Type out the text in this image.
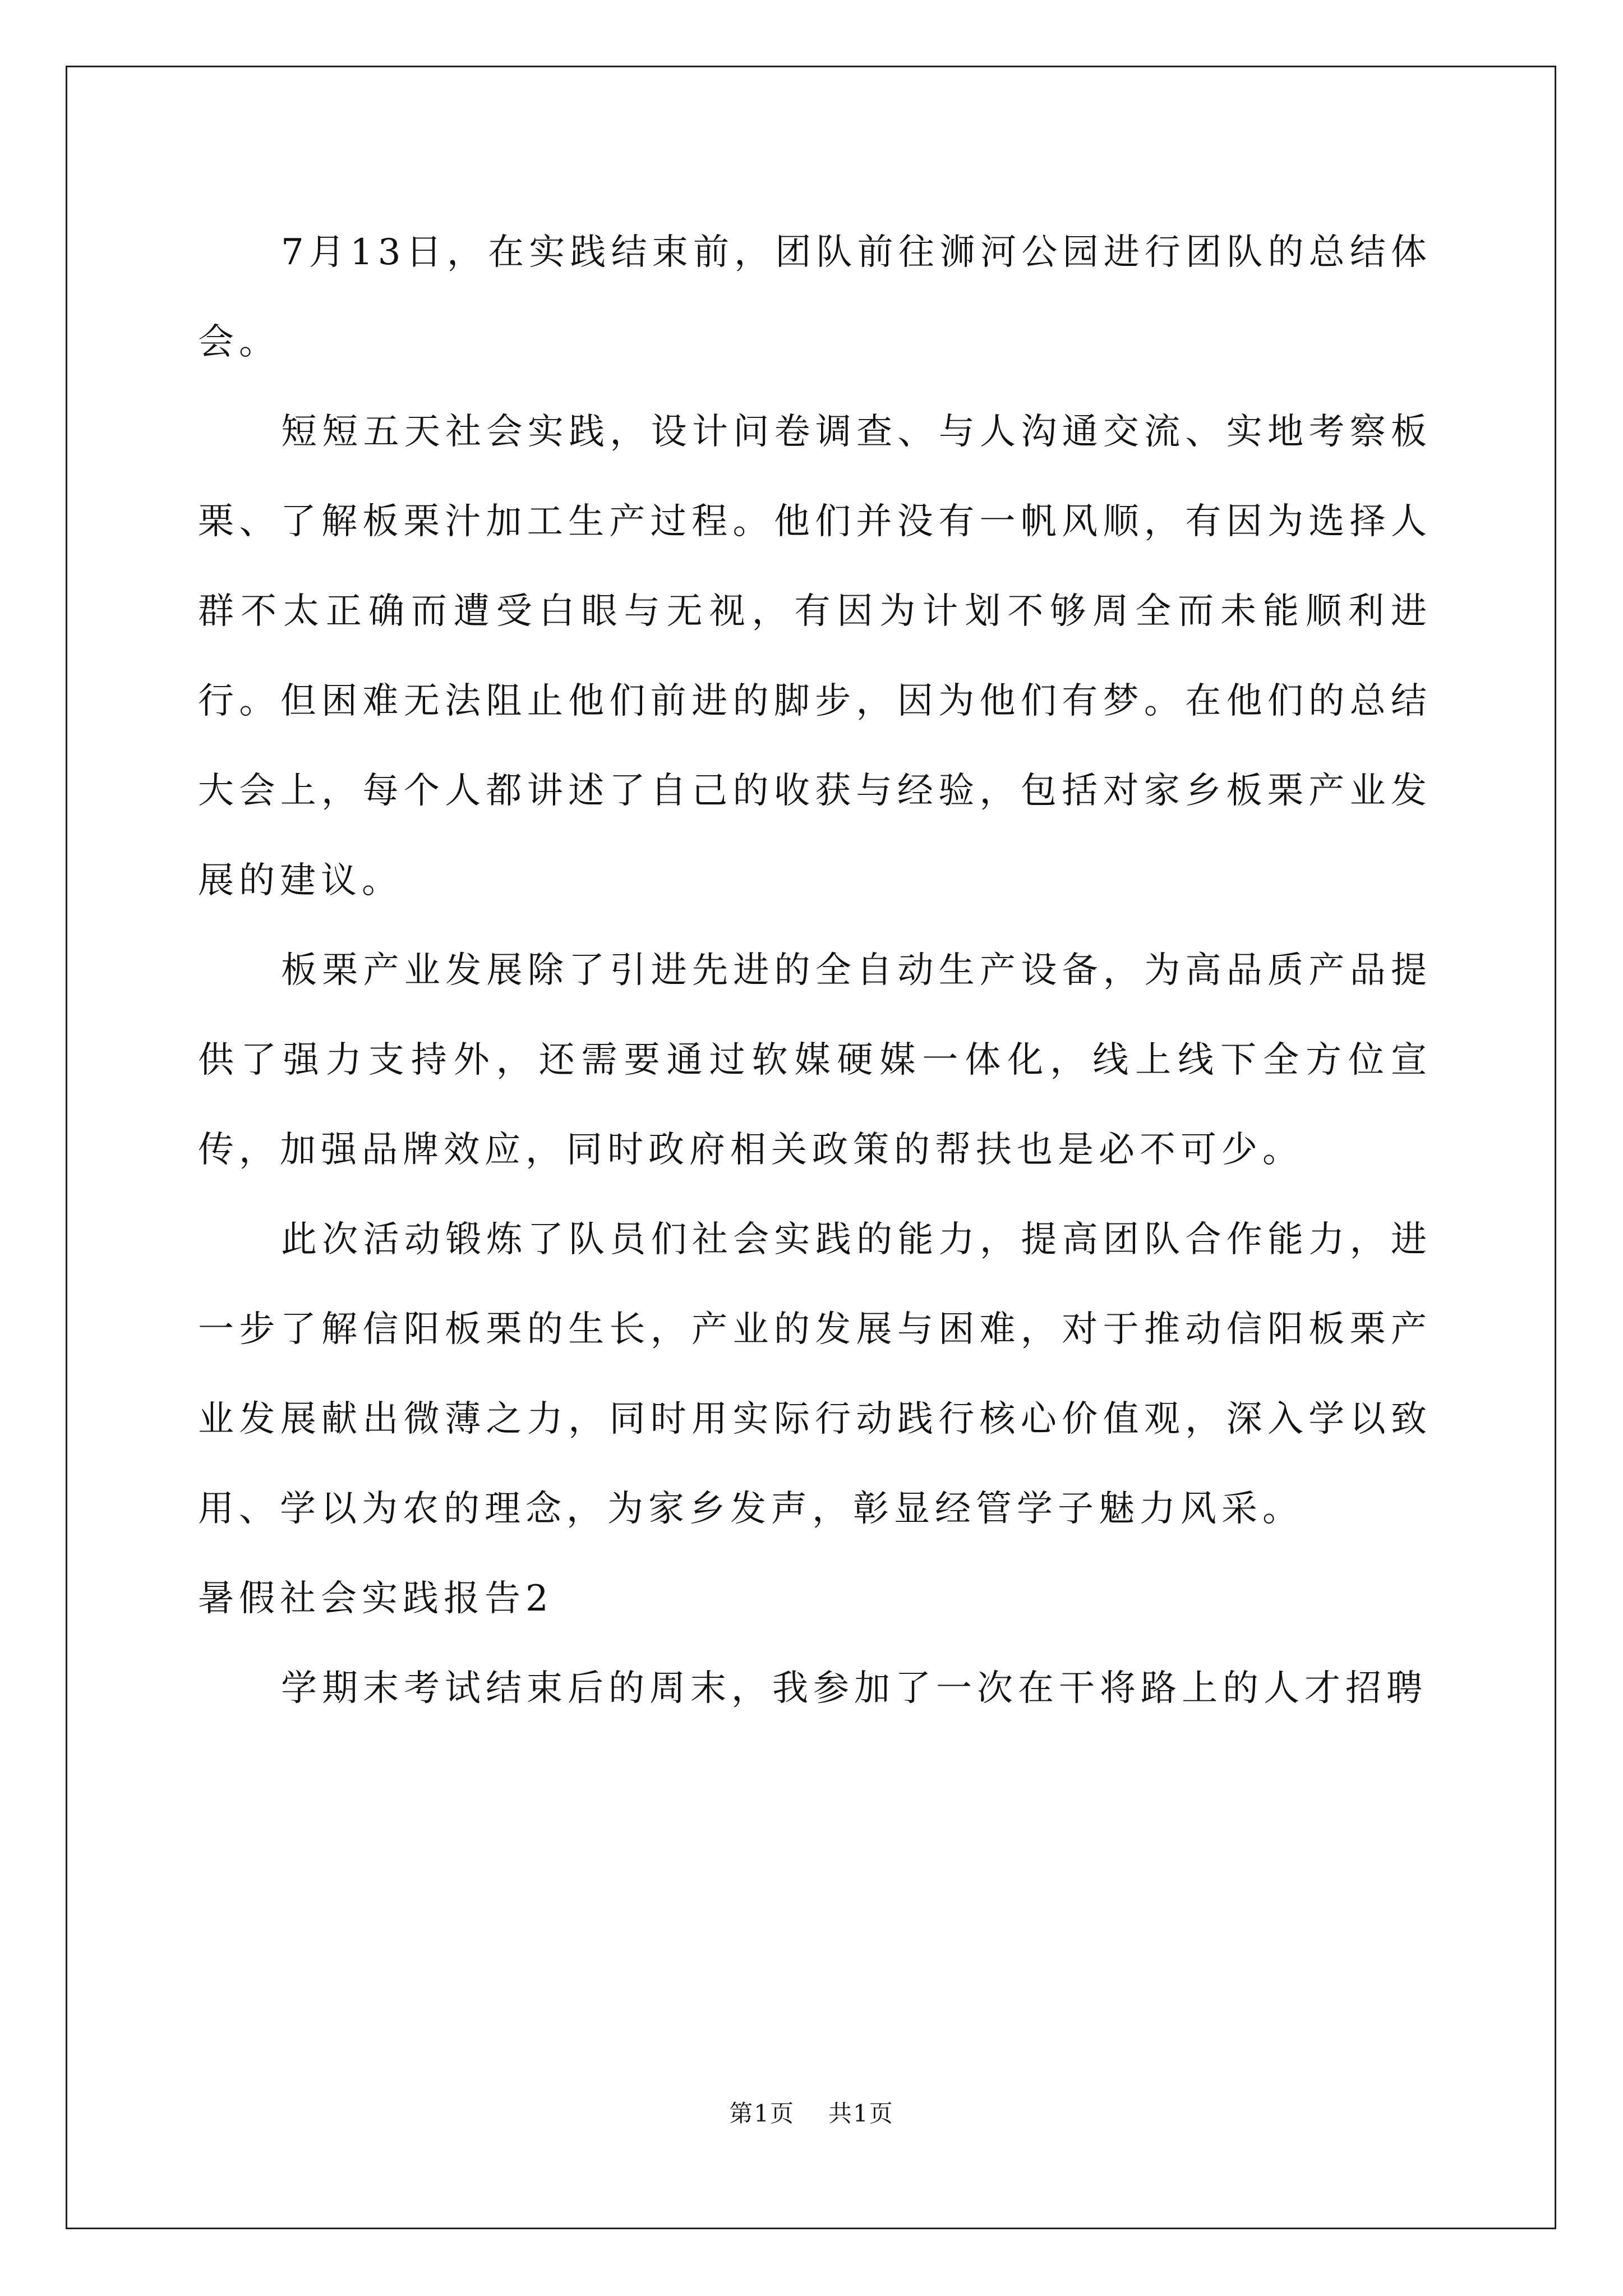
7月13日，在实践结束前，团队前往浉河公园进行团队的总结体会。

短短五天社会实践，设计问卷调查、与人沟通交流、实地考察板栗、了解板栗汁加工生产过程。他们并没有一帆风顺，有因为选择人群不太正确而遭受白眼与无视，有因为计划不够周全而未能顺利进行。但困难无法阻止他们前进的脚步，因为他们有梦。在他们的总结大会上，每个人都讲述了自己的收获与经验，包括对家乡板栗产业发展的建议。

板栗产业发展除了引进先进的全自动生产设备，为高品质产品提供了强力支持外，还需要通过软媒硬媒一体化，线上线下全方位宣传，加强品牌效应，同时政府相关政策的帮扶也是必不可少。

此次活动锻炼了队员们社会实践的能力，提高团队合作能力，进一步了解信阳板栗的生长，产业的发展与困难，对于推动信阳板栗产业发展献出微薄之力，同时用实际行动践行核心价值观，深入学以致用、学以为农的理念，为家乡发声，彰显经管学子魅力风采。

暑假社会实践报告2

学期末考试结束后的周末，我参加了一次在干将路上的人才招聘

第1页 共1页
